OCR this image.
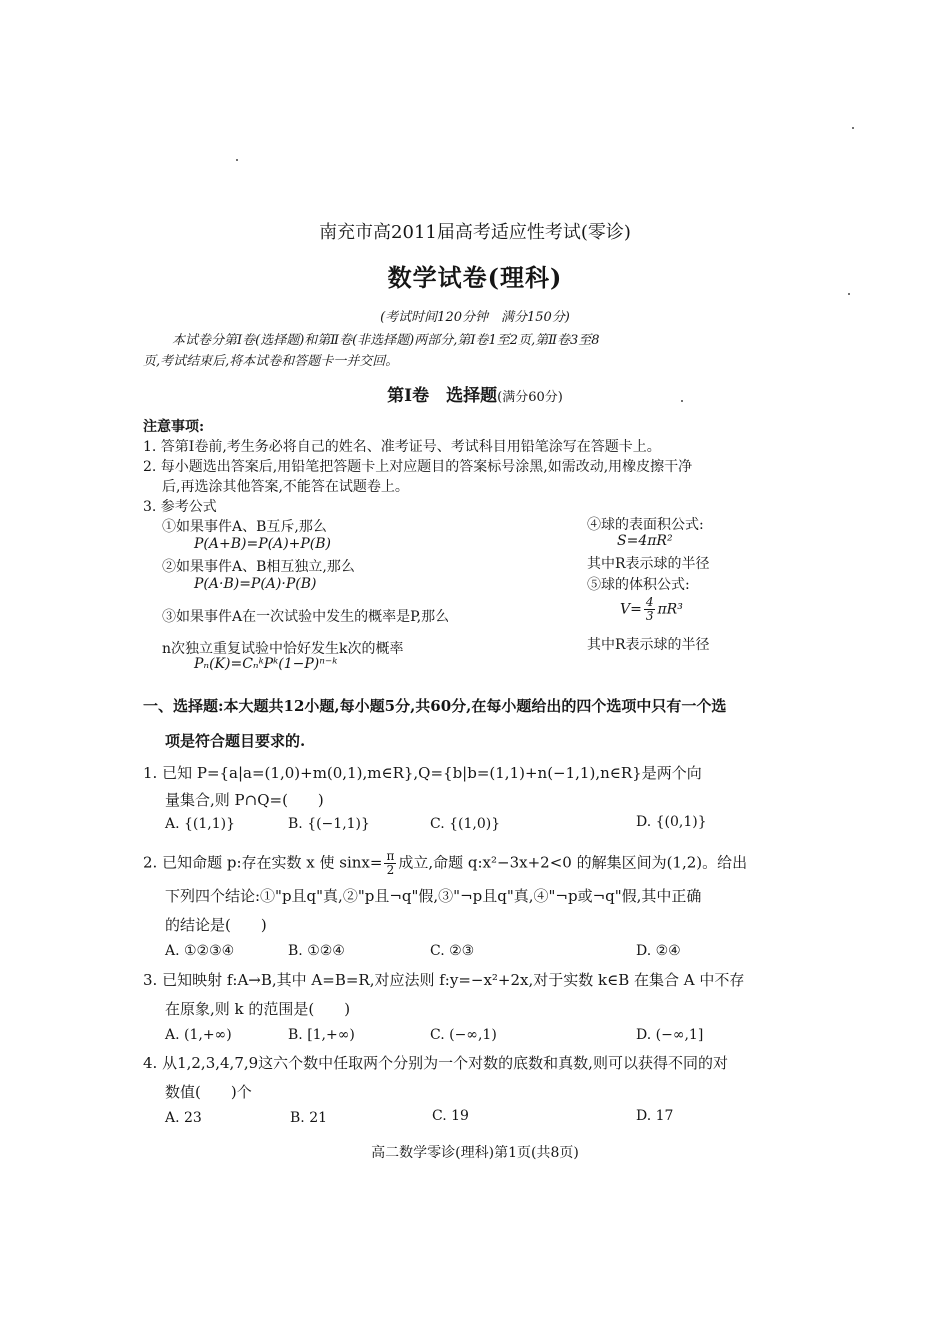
南充市高2011届高考适应性考试(零诊)
数学试卷(理科)
(考试时间120分钟　满分150分)
本试卷分第Ⅰ卷(选择题)和第Ⅱ卷(非选择题)两部分,第Ⅰ卷1至2页,第Ⅱ卷3至8
页,考试结束后,将本试卷和答题卡一并交回。
第Ⅰ卷　选择题(满分60分)
注意事项:
1. 答第Ⅰ卷前,考生务必将自己的姓名、准考证号、考试科目用铅笔涂写在答题卡上。
2. 每小题选出答案后,用铅笔把答题卡上对应题目的答案标号涂黑,如需改动,用橡皮擦干净
后,再选涂其他答案,不能答在试题卷上。
3. 参考公式
①如果事件A、B互斥,那么
P(A+B)=P(A)+P(B)
②如果事件A、B相互独立,那么
P(A·B)=P(A)·P(B)
③如果事件A在一次试验中发生的概率是P,那么
n次独立重复试验中恰好发生k次的概率
Pₙ(K)=CₙᵏPᵏ(1−P)ⁿ⁻ᵏ
④球的表面积公式:
S=4πR²
其中R表示球的半径
⑤球的体积公式:
$V= \frac{4}{3} \pi R^3$
其中R表示球的半径
一、选择题:本大题共12小题,每小题5分,共60分,在每小题给出的四个选项中只有一个选
项是符合题目要求的.
1. 已知 P={a|a=(1,0)+m(0,1),m∈R},Q={b|b=(1,1)+n(−1,1),n∈R}是两个向
量集合,则 P∩Q=(　　)
A. {(1,1)}	B. {(−1,1)}	C. {(1,0)}	D. {(0,1)}
2. 已知命题 p:存在实数 x 使 $\sin x= \frac{\pi}{2}$ 成立,命题 q:x²−3x+2<0 的解集区间为(1,2)。给出
下列四个结论:①"p且q"真,②"p且¬q"假,③"¬p且q"真,④"¬p或¬q"假,其中正确
的结论是(　　)
A. ①②③④	B. ①②④	C. ②③	D. ②④
3. 已知映射 f:A→B,其中 A=B=R,对应法则 f:y=−x²+2x,对于实数 k∈B 在集合 A 中不存
在原象,则 k 的范围是(　　)
A. (1,+∞)	B. [1,+∞)	C. (−∞,1)	D. (−∞,1]
4. 从1,2,3,4,7,9这六个数中任取两个分别为一个对数的底数和真数,则可以获得不同的对
数值(　　)个
A. 23	B. 21	C. 19	D. 17
高二数学零诊(理科)第1页(共8页)
